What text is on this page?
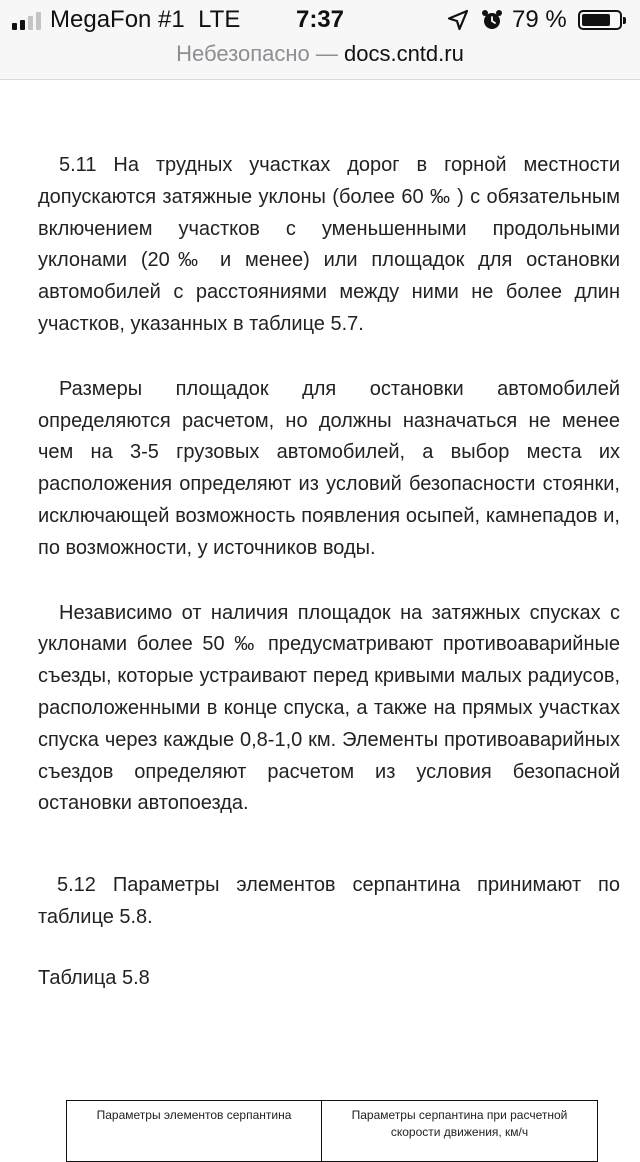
MegaFon #1 LTE	7:37	79 %
Небезопасно — docs.cntd.ru

5.11 На трудных участках дорог в горной местности допускаются затяжные уклоны (более 60 ‰ ) с обязательным включением участков с уменьшенными продольными уклонами (20‰ и менее) или площадок для остановки автомобилей с расстояниями между ними не более длин участков, указанных в таблице 5.7.

Размеры площадок для остановки автомобилей определяются расчетом, но должны назначаться не менее чем на 3-5 грузовых автомобилей, а выбор места их расположения определяют из условий безопасности стоянки, исключающей возможность появления осыпей, камнепадов и, по возможности, у источников воды.

Независимо от наличия площадок на затяжных спусках с уклонами более 50 ‰ предусматривают противоаварийные съезды, которые устраивают перед кривыми малых радиусов, расположенными в конце спуска, а также на прямых участках спуска через каждые 0,8-1,0 км. Элементы противоаварийных съездов определяют расчетом из условия безопасной остановки автопоезда.

5.12 Параметры элементов серпантина принимают по таблице 5.8.

Таблица 5.8

Параметры элементов серпантина	Параметры серпантина при расчетной скорости движения, км/ч
